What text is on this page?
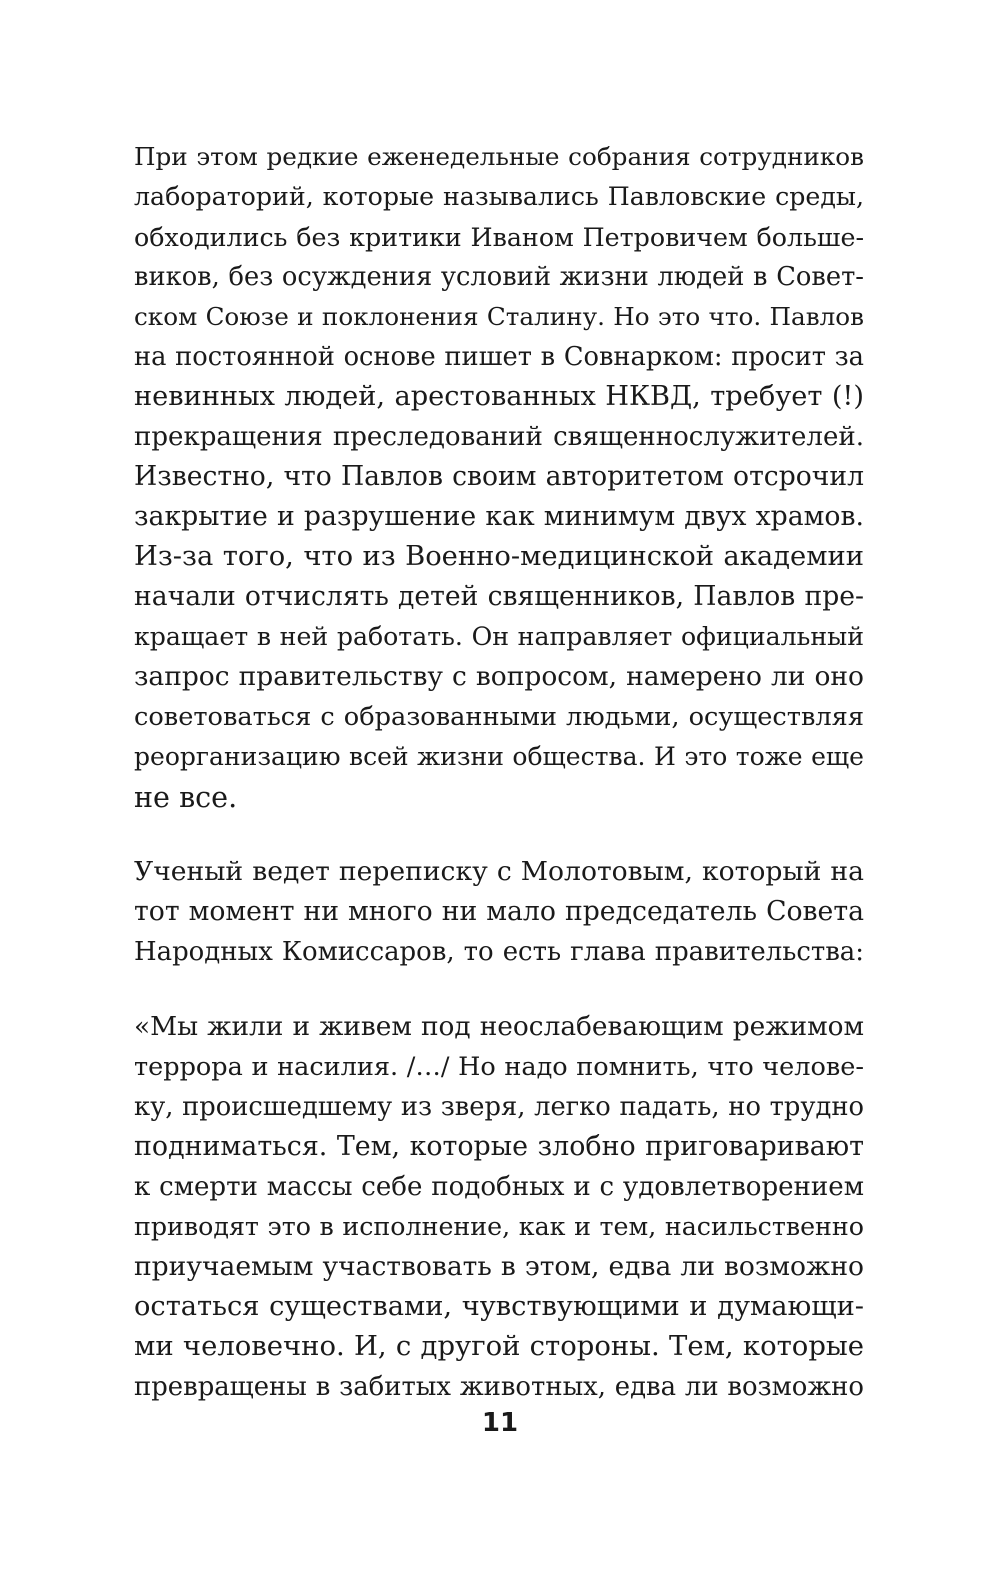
При этом редкие еженедельные собрания сотрудников
лабораторий, которые назывались Павловские среды,
обходились без критики Иваном Петровичем больше-
виков, без осуждения условий жизни людей в Совет-
ском Союзе и поклонения Сталину. Но это что. Павлов
на постоянной основе пишет в Совнарком: просит за
невинных людей, арестованных НКВД, требует (!)
прекращения преследований священнослужителей.
Известно, что Павлов своим авторитетом отсрочил
закрытие и разрушение как минимум двух храмов.
Из-за того, что из Военно-медицинской академии
начали отчислять детей священников, Павлов пре-
кращает в ней работать. Он направляет официальный
запрос правительству с вопросом, намерено ли оно
советоваться с образованными людьми, осуществляя
реорганизацию всей жизни общества. И это тоже еще
не все.
Ученый ведет переписку с Молотовым, который на
тот момент ни много ни мало председатель Совета
Народных Комиссаров, то есть глава правительства:
«Мы жили и живем под неослабевающим режимом
террора и насилия. /…/ Но надо помнить, что челове-
ку, происшедшему из зверя, легко падать, но трудно
подниматься. Тем, которые злобно приговаривают
к смерти массы себе подобных и с удовлетворением
приводят это в исполнение, как и тем, насильственно
приучаемым участвовать в этом, едва ли возможно
остаться существами, чувствующими и думающи-
ми человечно. И, с другой стороны. Тем, которые
превращены в забитых животных, едва ли возможно
11
